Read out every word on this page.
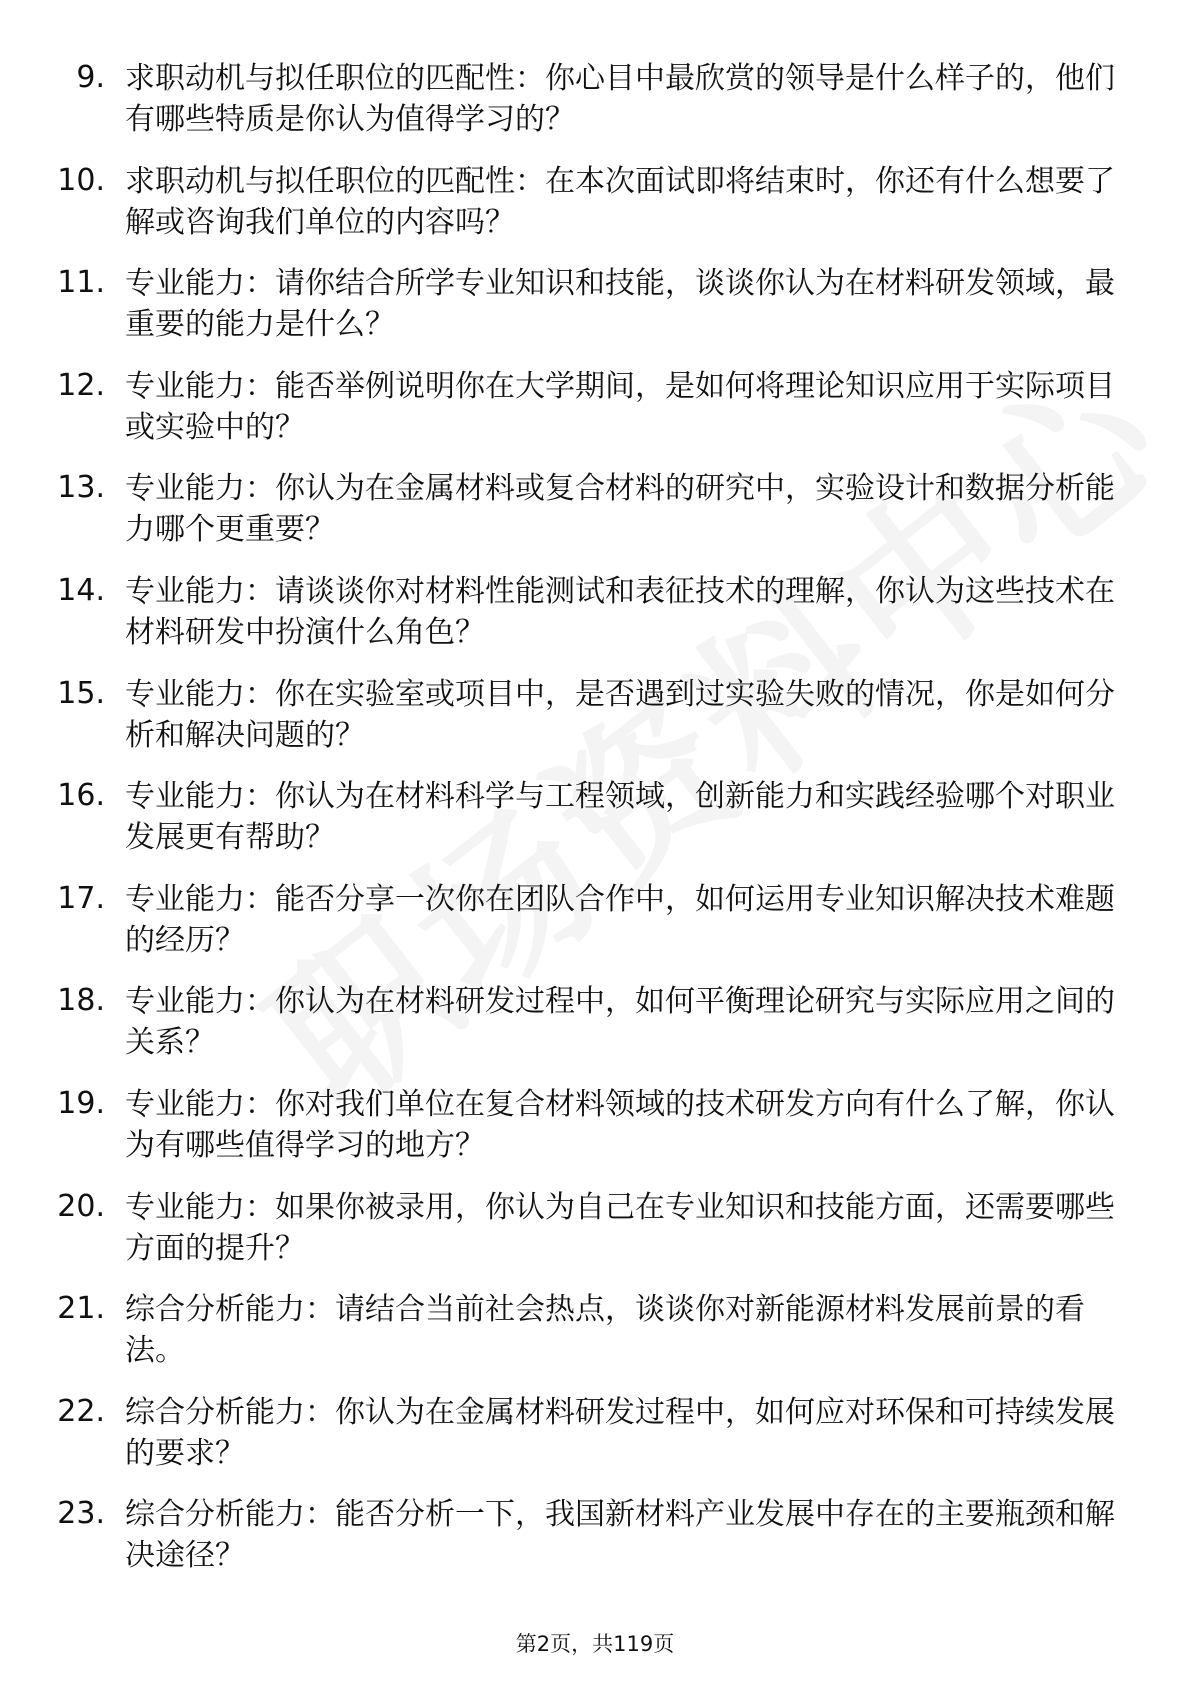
9. 求职动机与拟任职位的匹配性：你心目中最欣赏的领导是什么样子的，他们有哪些特质是你认为值得学习的？
10. 求职动机与拟任职位的匹配性：在本次面试即将结束时，你还有什么想要了解或咨询我们单位的内容吗？
11. 专业能力：请你结合所学专业知识和技能，谈谈你认为在材料研发领域，最重要的能力是什么？
12. 专业能力：能否举例说明你在大学期间，是如何将理论知识应用于实际项目或实验中的？
13. 专业能力：你认为在金属材料或复合材料的研究中，实验设计和数据分析能力哪个更重要？
14. 专业能力：请谈谈你对材料性能测试和表征技术的理解，你认为这些技术在材料研发中扮演什么角色？
15. 专业能力：你在实验室或项目中，是否遇到过实验失败的情况，你是如何分析和解决问题的？
16. 专业能力：你认为在材料科学与工程领域，创新能力和实践经验哪个对职业发展更有帮助？
17. 专业能力：能否分享一次你在团队合作中，如何运用专业知识解决技术难题的经历？
18. 专业能力：你认为在材料研发过程中，如何平衡理论研究与实际应用之间的关系？
19. 专业能力：你对我们单位在复合材料领域的技术研发方向有什么了解，你认为有哪些值得学习的地方？
20. 专业能力：如果你被录用，你认为自己在专业知识和技能方面，还需要哪些方面的提升？
21. 综合分析能力：请结合当前社会热点，谈谈你对新能源材料发展前景的看法。
22. 综合分析能力：你认为在金属材料研发过程中，如何应对环保和可持续发展的要求？
23. 综合分析能力：能否分析一下，我国新材料产业发展中存在的主要瓶颈和解决途径？
第2页，共119页
